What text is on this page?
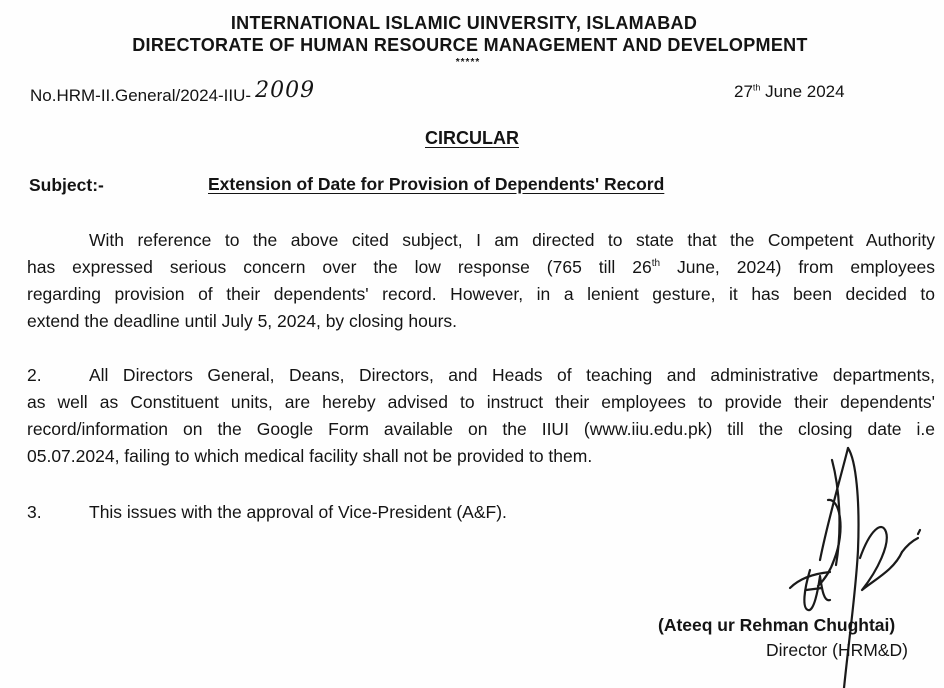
INTERNATIONAL ISLAMIC UINVERSITY, ISLAMABAD
DIRECTORATE OF HUMAN RESOURCE MANAGEMENT AND DEVELOPMENT
*****
No.HRM-II.General/2024-IIU- 2009	27th June 2024
CIRCULAR
Subject:-	Extension of Date for Provision of Dependents' Record
With reference to the above cited subject, I am directed to state that the Competent Authority
has expressed serious concern over the low response (765 till 26th June, 2024) from employees
regarding provision of their dependents' record. However, in a lenient gesture, it has been decided to
extend the deadline until July 5, 2024, by closing hours.
2.	All Directors General, Deans, Directors, and Heads of teaching and administrative departments,
as well as Constituent units, are hereby advised to instruct their employees to provide their dependents'
record/information on the Google Form available on the IIUI (www.iiu.edu.pk) till the closing date i.e
05.07.2024, failing to which medical facility shall not be provided to them.
3.	This issues with the approval of Vice-President (A&F).
(Ateeq ur Rehman Chughtai)
Director (HRM&D)
